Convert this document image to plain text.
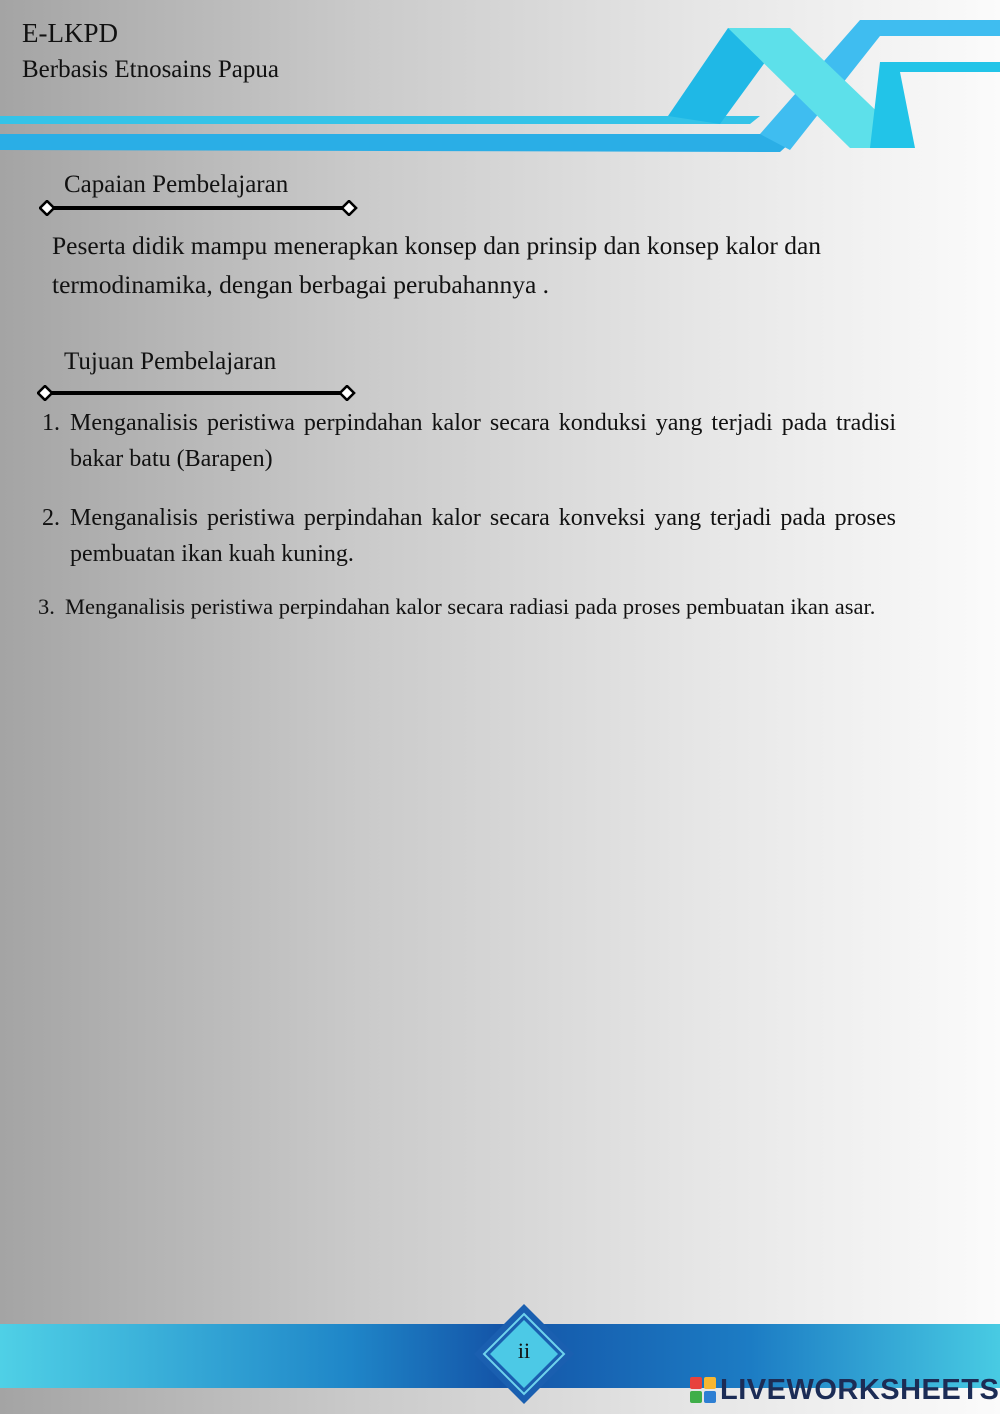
E-LKPD
Berbasis Etnosains Papua
Capaian Pembelajaran

Peserta didik mampu menerapkan konsep dan prinsip dan konsep kalor dan termodinamika, dengan berbagai perubahannya .

Tujuan Pembelajaran
1. Menganalisis peristiwa perpindahan kalor secara konduksi yang terjadi pada tradisi bakar batu (Barapen)
2. Menganalisis peristiwa perpindahan kalor secara konveksi yang terjadi pada proses pembuatan ikan kuah kuning.
3. Menganalisis peristiwa perpindahan kalor secara radiasi pada proses pembuatan ikan asar.
ii
LIVEWORKSHEETS
